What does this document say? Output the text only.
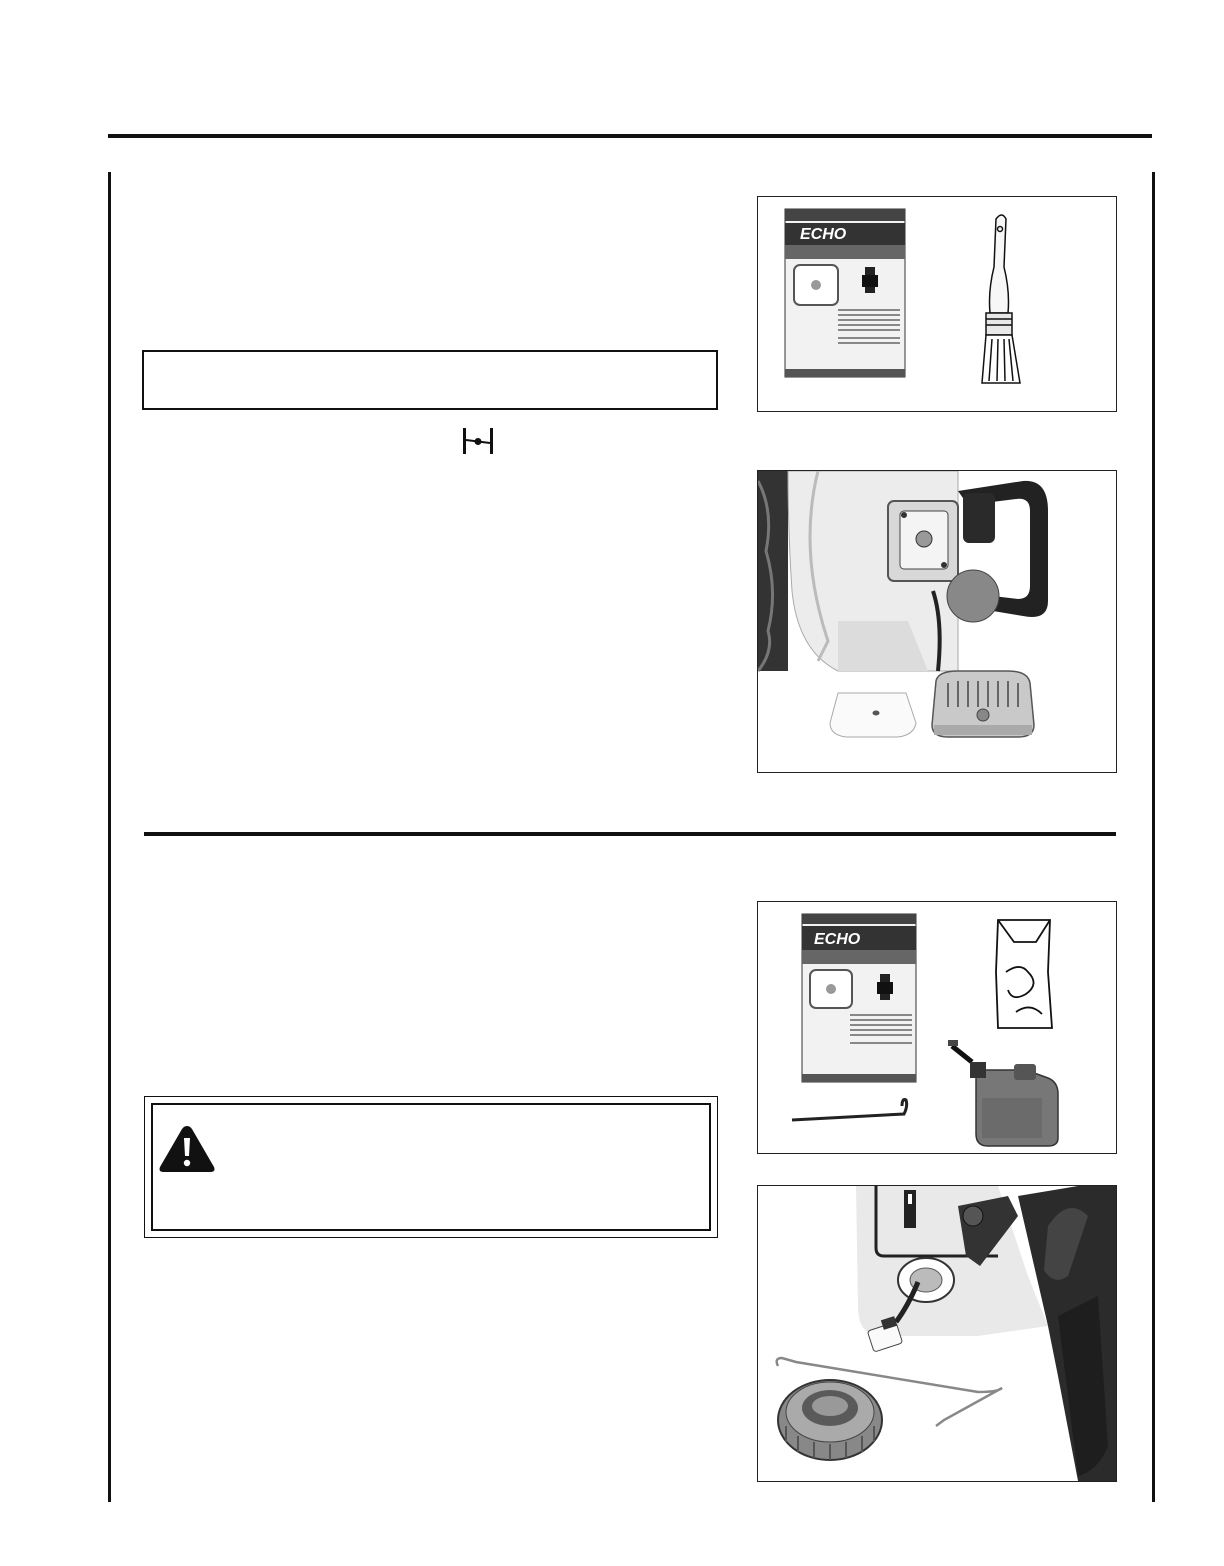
ECHO
ECHO
